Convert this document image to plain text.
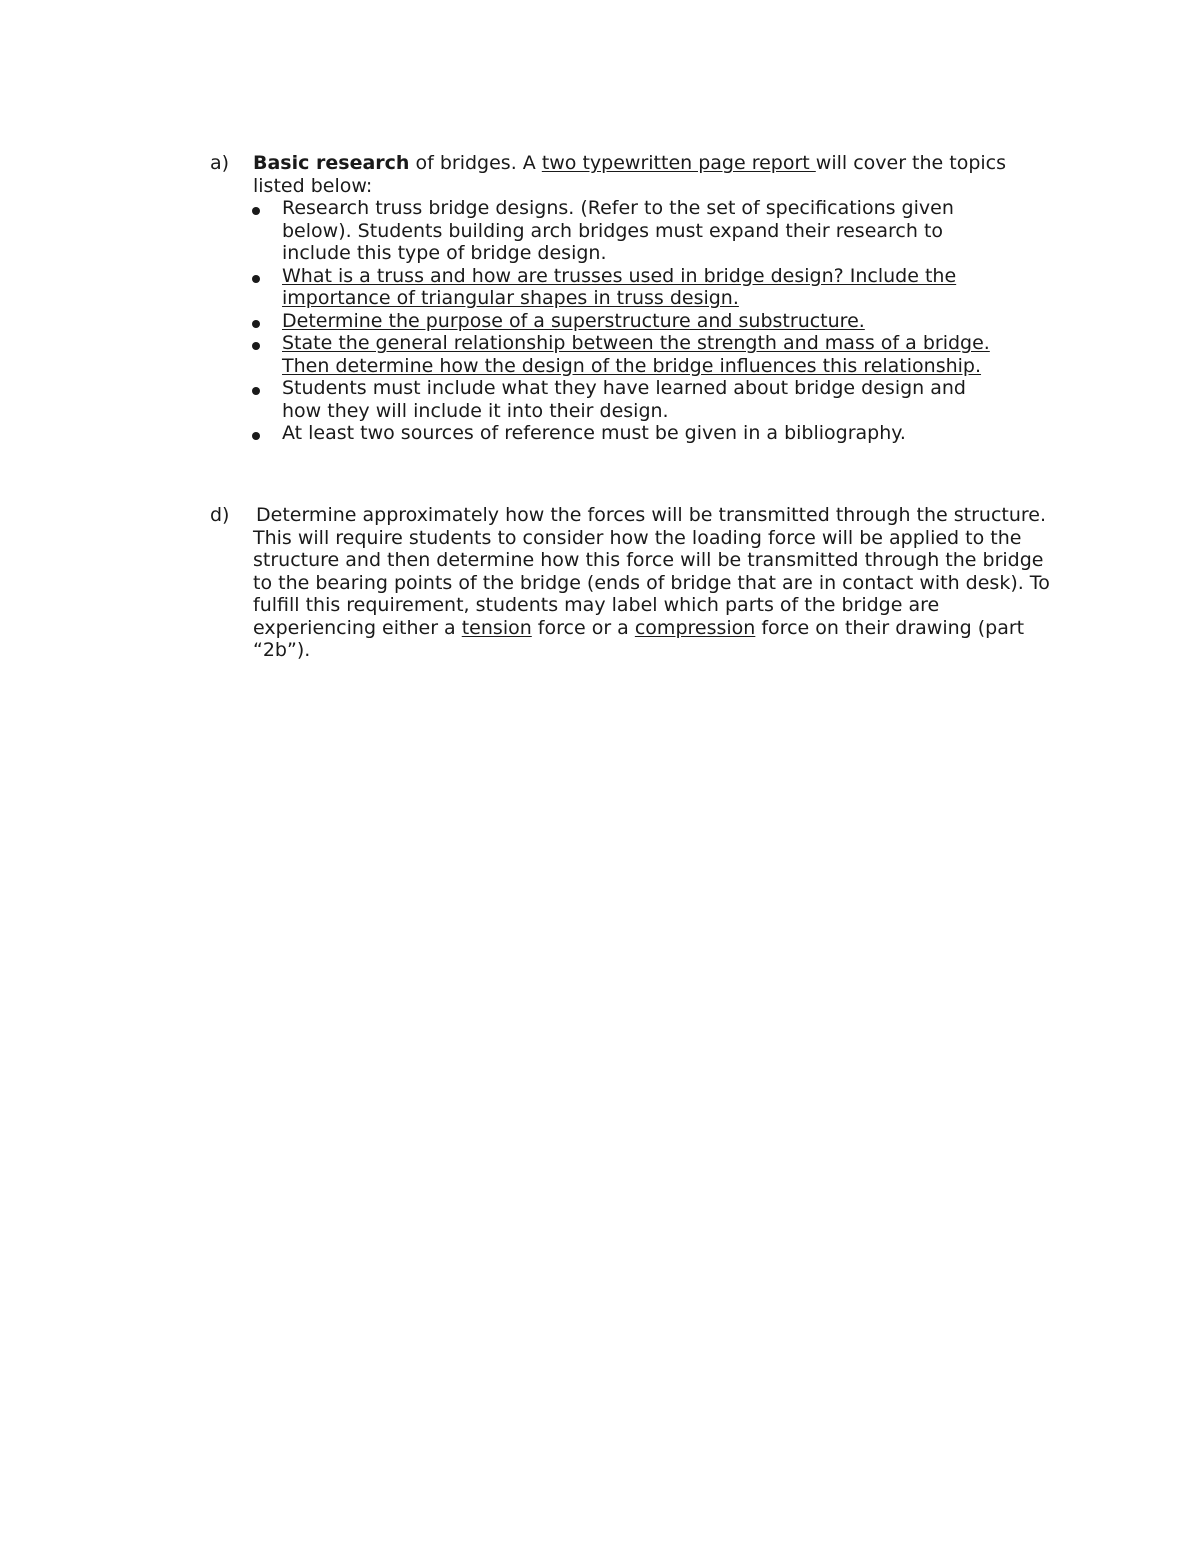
a)	Basic research of bridges. A two typewritten page report will cover the topics listed below:
Research truss bridge designs. (Refer to the set of specifications given below). Students building arch bridges must expand their research to include this type of bridge design.
What is a truss and how are trusses used in bridge design? Include the importance of triangular shapes in truss design.
Determine the purpose of a superstructure and substructure.
State the general relationship between the strength and mass of a bridge. Then determine how the design of the bridge influences this relationship.
Students must include what they have learned about bridge design and how they will include it into their design.
At least two sources of reference must be given in a bibliography.
d)	Determine approximately how the forces will be transmitted through the structure. This will require students to consider how the loading force will be applied to the structure and then determine how this force will be transmitted through the bridge to the bearing points of the bridge (ends of bridge that are in contact with desk). To fulfill this requirement, students may label which parts of the bridge are experiencing either a tension force or a compression force on their drawing (part “2b”).
